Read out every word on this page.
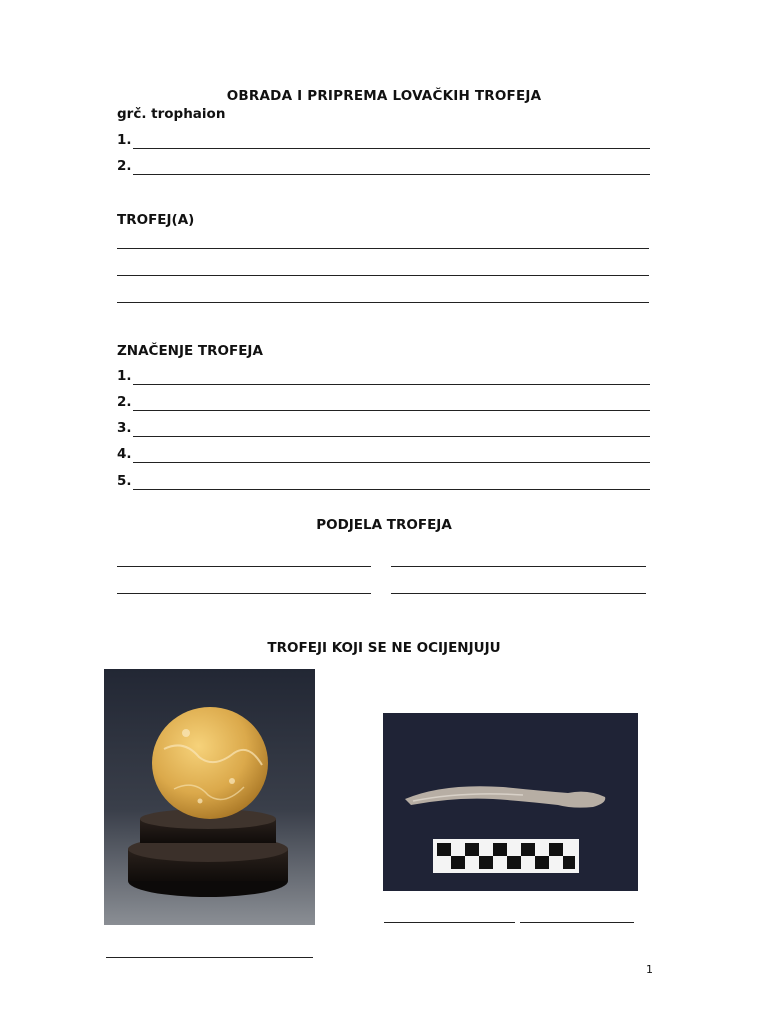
OBRADA I PRIPREMA LOVAČKIH TROFEJA
grč. trophaion
1.
2.
TROFEJ(A)
ZNAČENJE TROFEJA
1.
2.
3.
4.
5.
PODJELA TROFEJA
TROFEJI KOJI SE NE OCIJENJUJU
1
